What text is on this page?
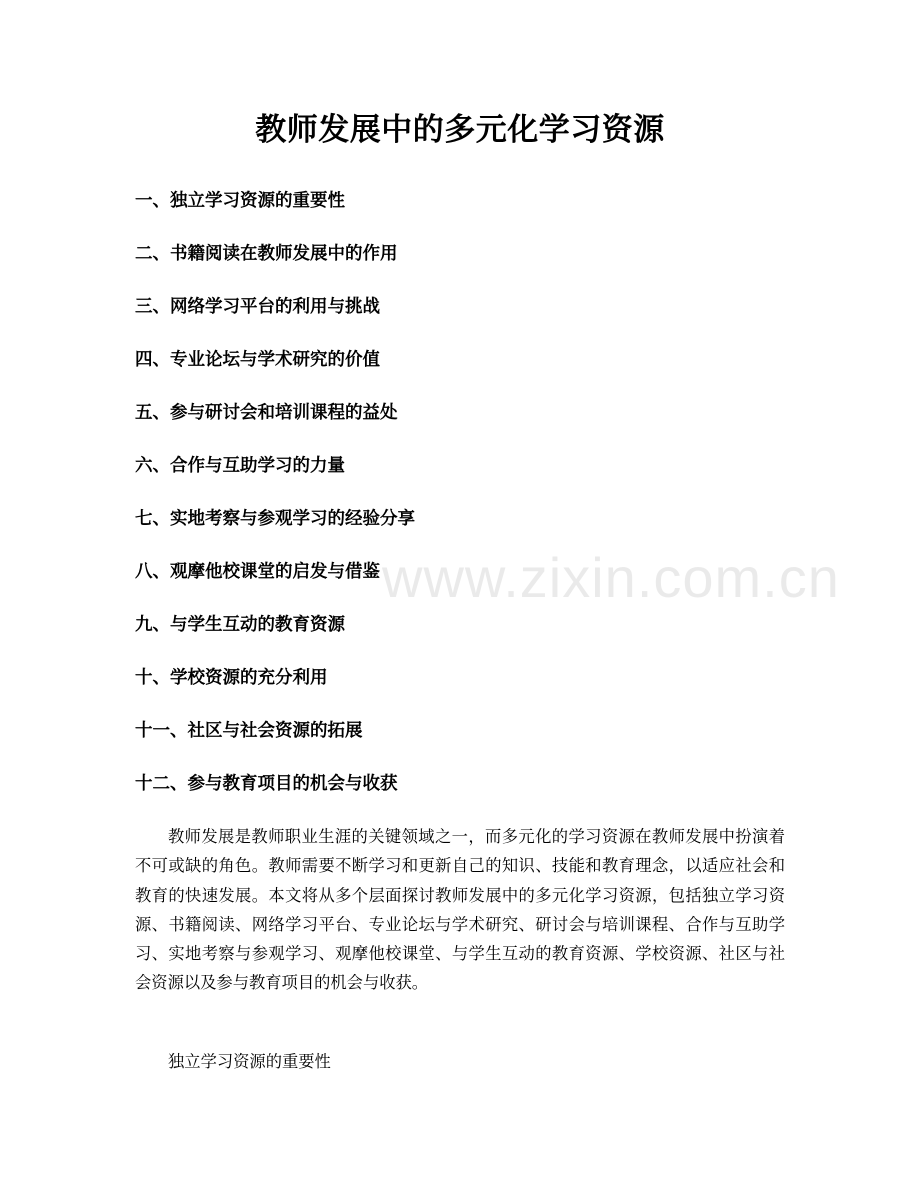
www.zixin.com.cn
教师发展中的多元化学习资源
一、独立学习资源的重要性
二、书籍阅读在教师发展中的作用
三、网络学习平台的利用与挑战
四、专业论坛与学术研究的价值
五、参与研讨会和培训课程的益处
六、合作与互助学习的力量
七、实地考察与参观学习的经验分享
八、观摩他校课堂的启发与借鉴
九、与学生互动的教育资源
十、学校资源的充分利用
十一、社区与社会资源的拓展
十二、参与教育项目的机会与收获

教师发展是教师职业生涯的关键领域之一，而多元化的学习资源在教师发展中扮演着不可或缺的角色。教师需要不断学习和更新自己的知识、技能和教育理念，以适应社会和教育的快速发展。本文将从多个层面探讨教师发展中的多元化学习资源，包括独立学习资源、书籍阅读、网络学习平台、专业论坛与学术研究、研讨会与培训课程、合作与互助学习、实地考察与参观学习、观摩他校课堂、与学生互动的教育资源、学校资源、社区与社会资源以及参与教育项目的机会与收获。

独立学习资源的重要性
